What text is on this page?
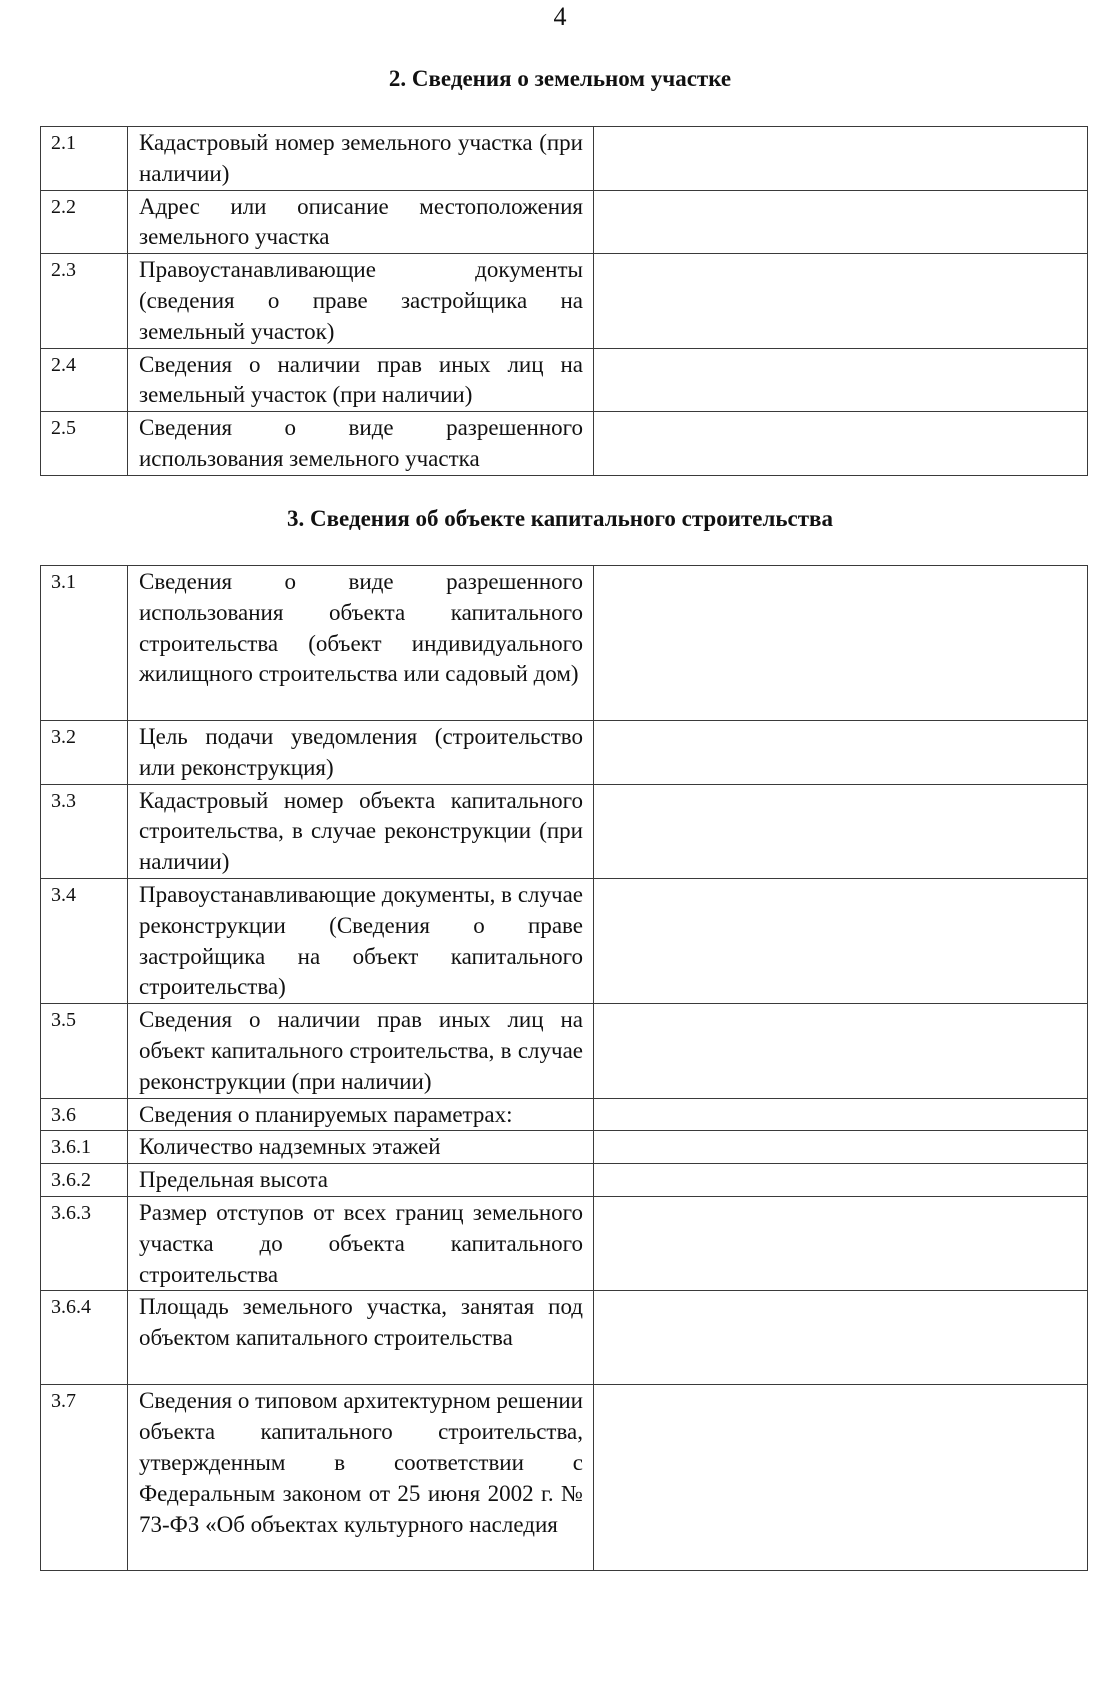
4
2. Сведения о земельном участке
2.1	Кадастровый номер земельного участка (при наличии)	

2.2	Адрес или описание местоположения земельного участка	

2.3	Правоустанавливающие документы (сведения о праве застройщика на земельный участок)	

2.4	Сведения о наличии прав иных лиц на земельный участок (при наличии)	

2.5	Сведения о виде разрешенного использования земельного участка	

3. Сведения об объекте капитального строительства
3.1	Сведения о виде разрешенного использования объекта капитального строительства (объект индивидуального жилищного строительства или садовый дом)	

3.2	Цель подачи уведомления (строительство или реконструкция)	

3.3	Кадастровый номер объекта капитального строительства, в случае реконструкции (при наличии)	

3.4	Правоустанавливающие документы, в случае реконструкции (Сведения о праве застройщика на объект капитального строительства)	

3.5	Сведения о наличии прав иных лиц на объект капитального строительства, в случае реконструкции (при наличии)	

3.6	Сведения о планируемых параметрах:	

3.6.1	Количество надземных этажей	

3.6.2	Предельная высота	

3.6.3	Размер отступов от всех границ земельного участка до объекта капитального строительства	

3.6.4	Площадь земельного участка, занятая под объектом капитального строительства	

3.7	Сведения о типовом архитектурном решении объекта капитального строительства, утвержденным в соответствии с Федеральным законом от 25 июня 2002 г. № 73-ФЗ «Об объектах культурного наследия	
